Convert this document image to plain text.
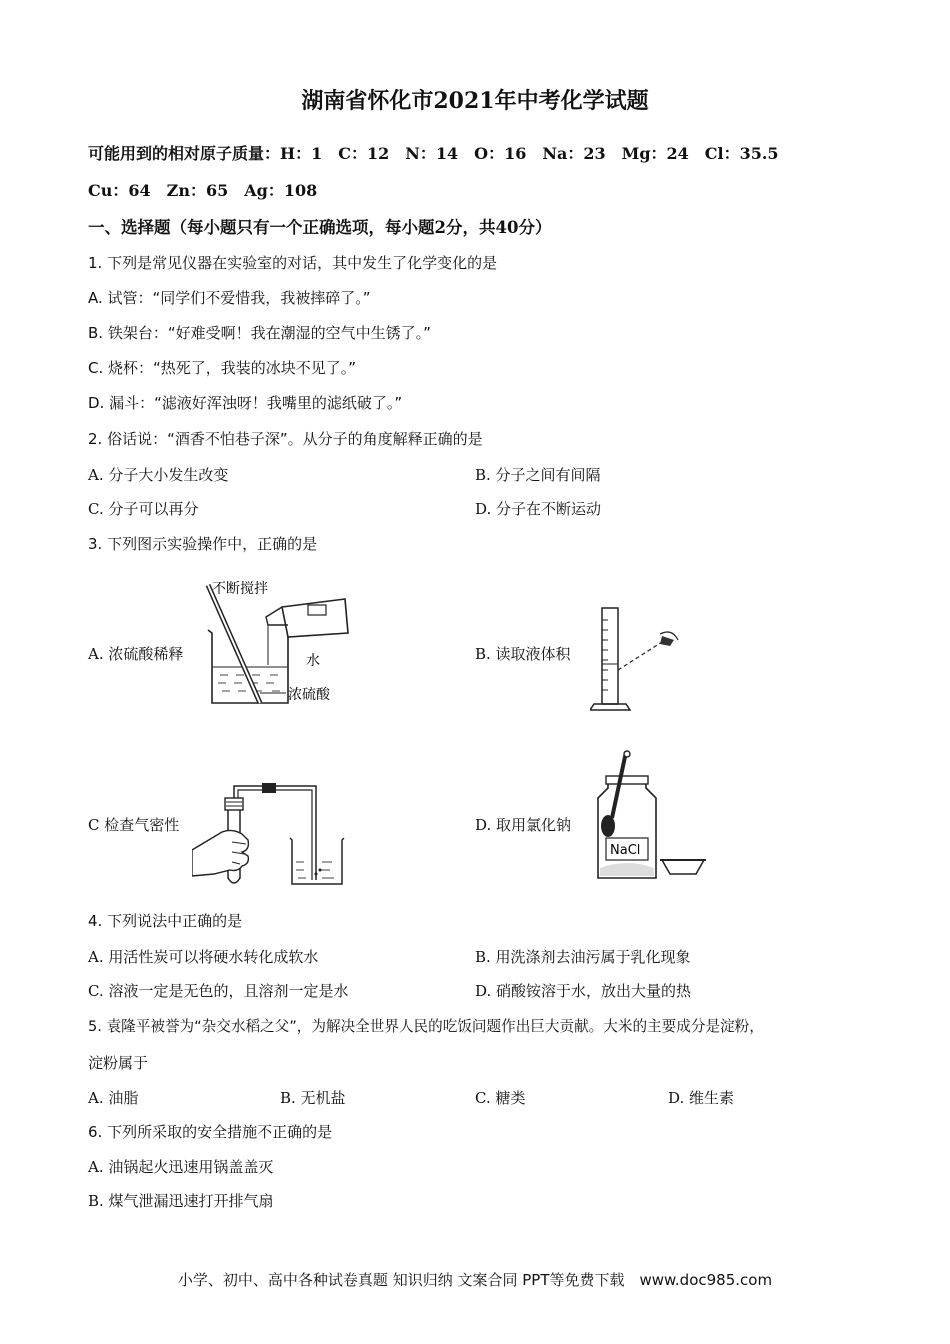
湖南省怀化市2021年中考化学试题
可能用到的相对原子质量：H：1　C：12　N：14　O：16　Na：23　Mg：24　Cl：35.5
Cu：64　Zn：65　Ag：108
一、选择题（每小题只有一个正确选项，每小题2分，共40分）
1. 下列是常见仪器在实验室的对话，其中发生了化学变化的是
A. 试管：“同学们不爱惜我，我被摔碎了。”
B. 铁架台：“好难受啊！我在潮湿的空气中生锈了。”
C. 烧杯：“热死了，我装的冰块不见了。”
D. 漏斗：“滤液好浑浊呀！我嘴里的滤纸破了。”
2. 俗话说：“酒香不怕巷子深”。从分子的角度解释正确的是
A. 分子大小发生改变	B. 分子之间有间隔
C. 分子可以再分	D. 分子在不断运动
3. 下列图示实验操作中，正确的是
A. 浓硫酸稀释
不断搅拌
水
浓硫酸
B. 读取液体积
C 检查气密性	D. 取用氯化钠
NaCl
4. 下列说法中正确的是
A. 用活性炭可以将硬水转化成软水	B. 用洗涤剂去油污属于乳化现象
C. 溶液一定是无色的，且溶剂一定是水	D. 硝酸铵溶于水，放出大量的热
5. 袁隆平被誉为“杂交水稻之父”，为解决全世界人民的吃饭问题作出巨大贡献。大米的主要成分是淀粉，
淀粉属于
A. 油脂	B. 无机盐	C. 糖类	D. 维生素
6. 下列所采取的安全措施不正确的是
A. 油锅起火迅速用锅盖盖灭
B. 煤气泄漏迅速打开排气扇
小学、初中、高中各种试卷真题 知识归纳 文案合同 PPT等免费下载　www.doc985.com
